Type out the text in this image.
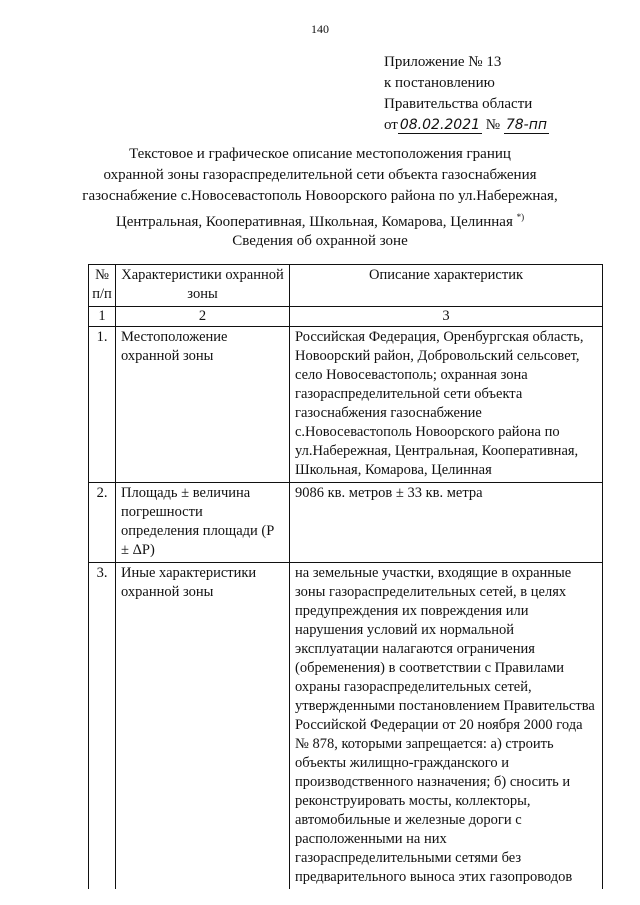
140
Приложение № 13
к постановлению
Правительства области
от 08.02.2021 № 78-пп
Текстовое и графическое описание местоположения границ
охранной зоны газораспределительной сети объекта газоснабжения
газоснабжение с.Новосевастополь Новоорского района по ул.Набережная,
Центральная, Кооперативная, Школьная, Комарова, Целинная *)
Сведения об охранной зоне
№ п/п	Характеристики охранной зоны	Описание характеристик
1	2	3
1.	Местоположение охранной зоны	Российская Федерация, Оренбургская область, Новоорский район, Добровольский сельсовет, село Новосевастополь; охранная зона газораспределительной сети объекта газоснабжения газоснабжение с.Новосевастополь Новоорского района по ул.Набережная, Центральная, Кооперативная, Школьная, Комарова, Целинная
2.	Площадь ± величина погрешности определения площади (P ± ΔP)	9086 кв. метров ± 33 кв. метра
3.	Иные характеристики охранной зоны	на земельные участки, входящие в охранные зоны газораспределительных сетей, в целях предупреждения их повреждения или нарушения условий их нормальной эксплуатации налагаются ограничения (обременения) в соответствии с Правилами охраны газораспределительных сетей, утвержденными постановлением Правительства Российской Федерации от 20 ноября 2000 года № 878, которыми запрещается: а) строить объекты жилищно-гражданского и производственного назначения; б) сносить и реконструировать мосты, коллекторы, автомобильные и железные дороги с расположенными на них газораспределительными сетями без предварительного выноса этих газопроводов
